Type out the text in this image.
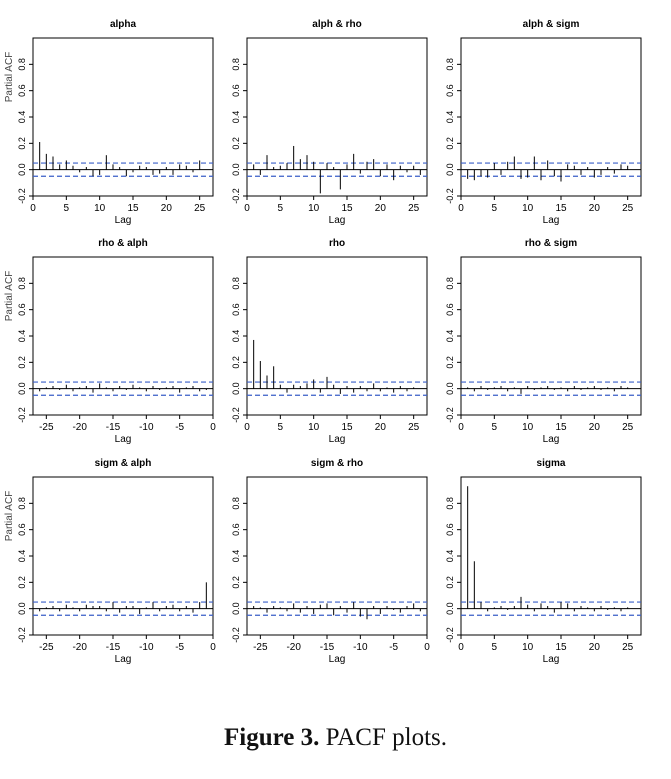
alpha
-0.2
0.0
0.2
0.4
0.6
0.8
0	5 10 15 20 25
Lag
Partial ACF
alph & rho
-0.2
0.0
0.2
0.4
0.6
0.8
0	5 10 15 20 25
Lag
alph & sigm
-0.2
0.0
0.2
0.4
0.6
0.8
0	5 10 15 20 25
Lag
rho & alph
-0.2
0.0
0.2
0.4
0.6
0.8
-25 -20 -15 -10 -5	0
Lag
Partial ACF
rho
-0.2
0.0
0.2
0.4
0.6
0.8
0	5 10 15 20 25
Lag
rho & sigm
-0.2
0.0
0.2
0.4
0.6
0.8
0	5 10 15 20 25
Lag
sigm & alph
-0.2
0.0
0.2
0.4
0.6
0.8
-25 -20 -15 -10 -5	0
Lag
Partial ACF
sigm & rho
-0.2
0.0
0.2
0.4
0.6
0.8
-25 -20 -15 -10 -5	0
Lag
sigma
-0.2
0.0
0.2
0.4
0.6
0.8
0	5 10 15 20 25
Lag
Figure 3. PACF plots.
